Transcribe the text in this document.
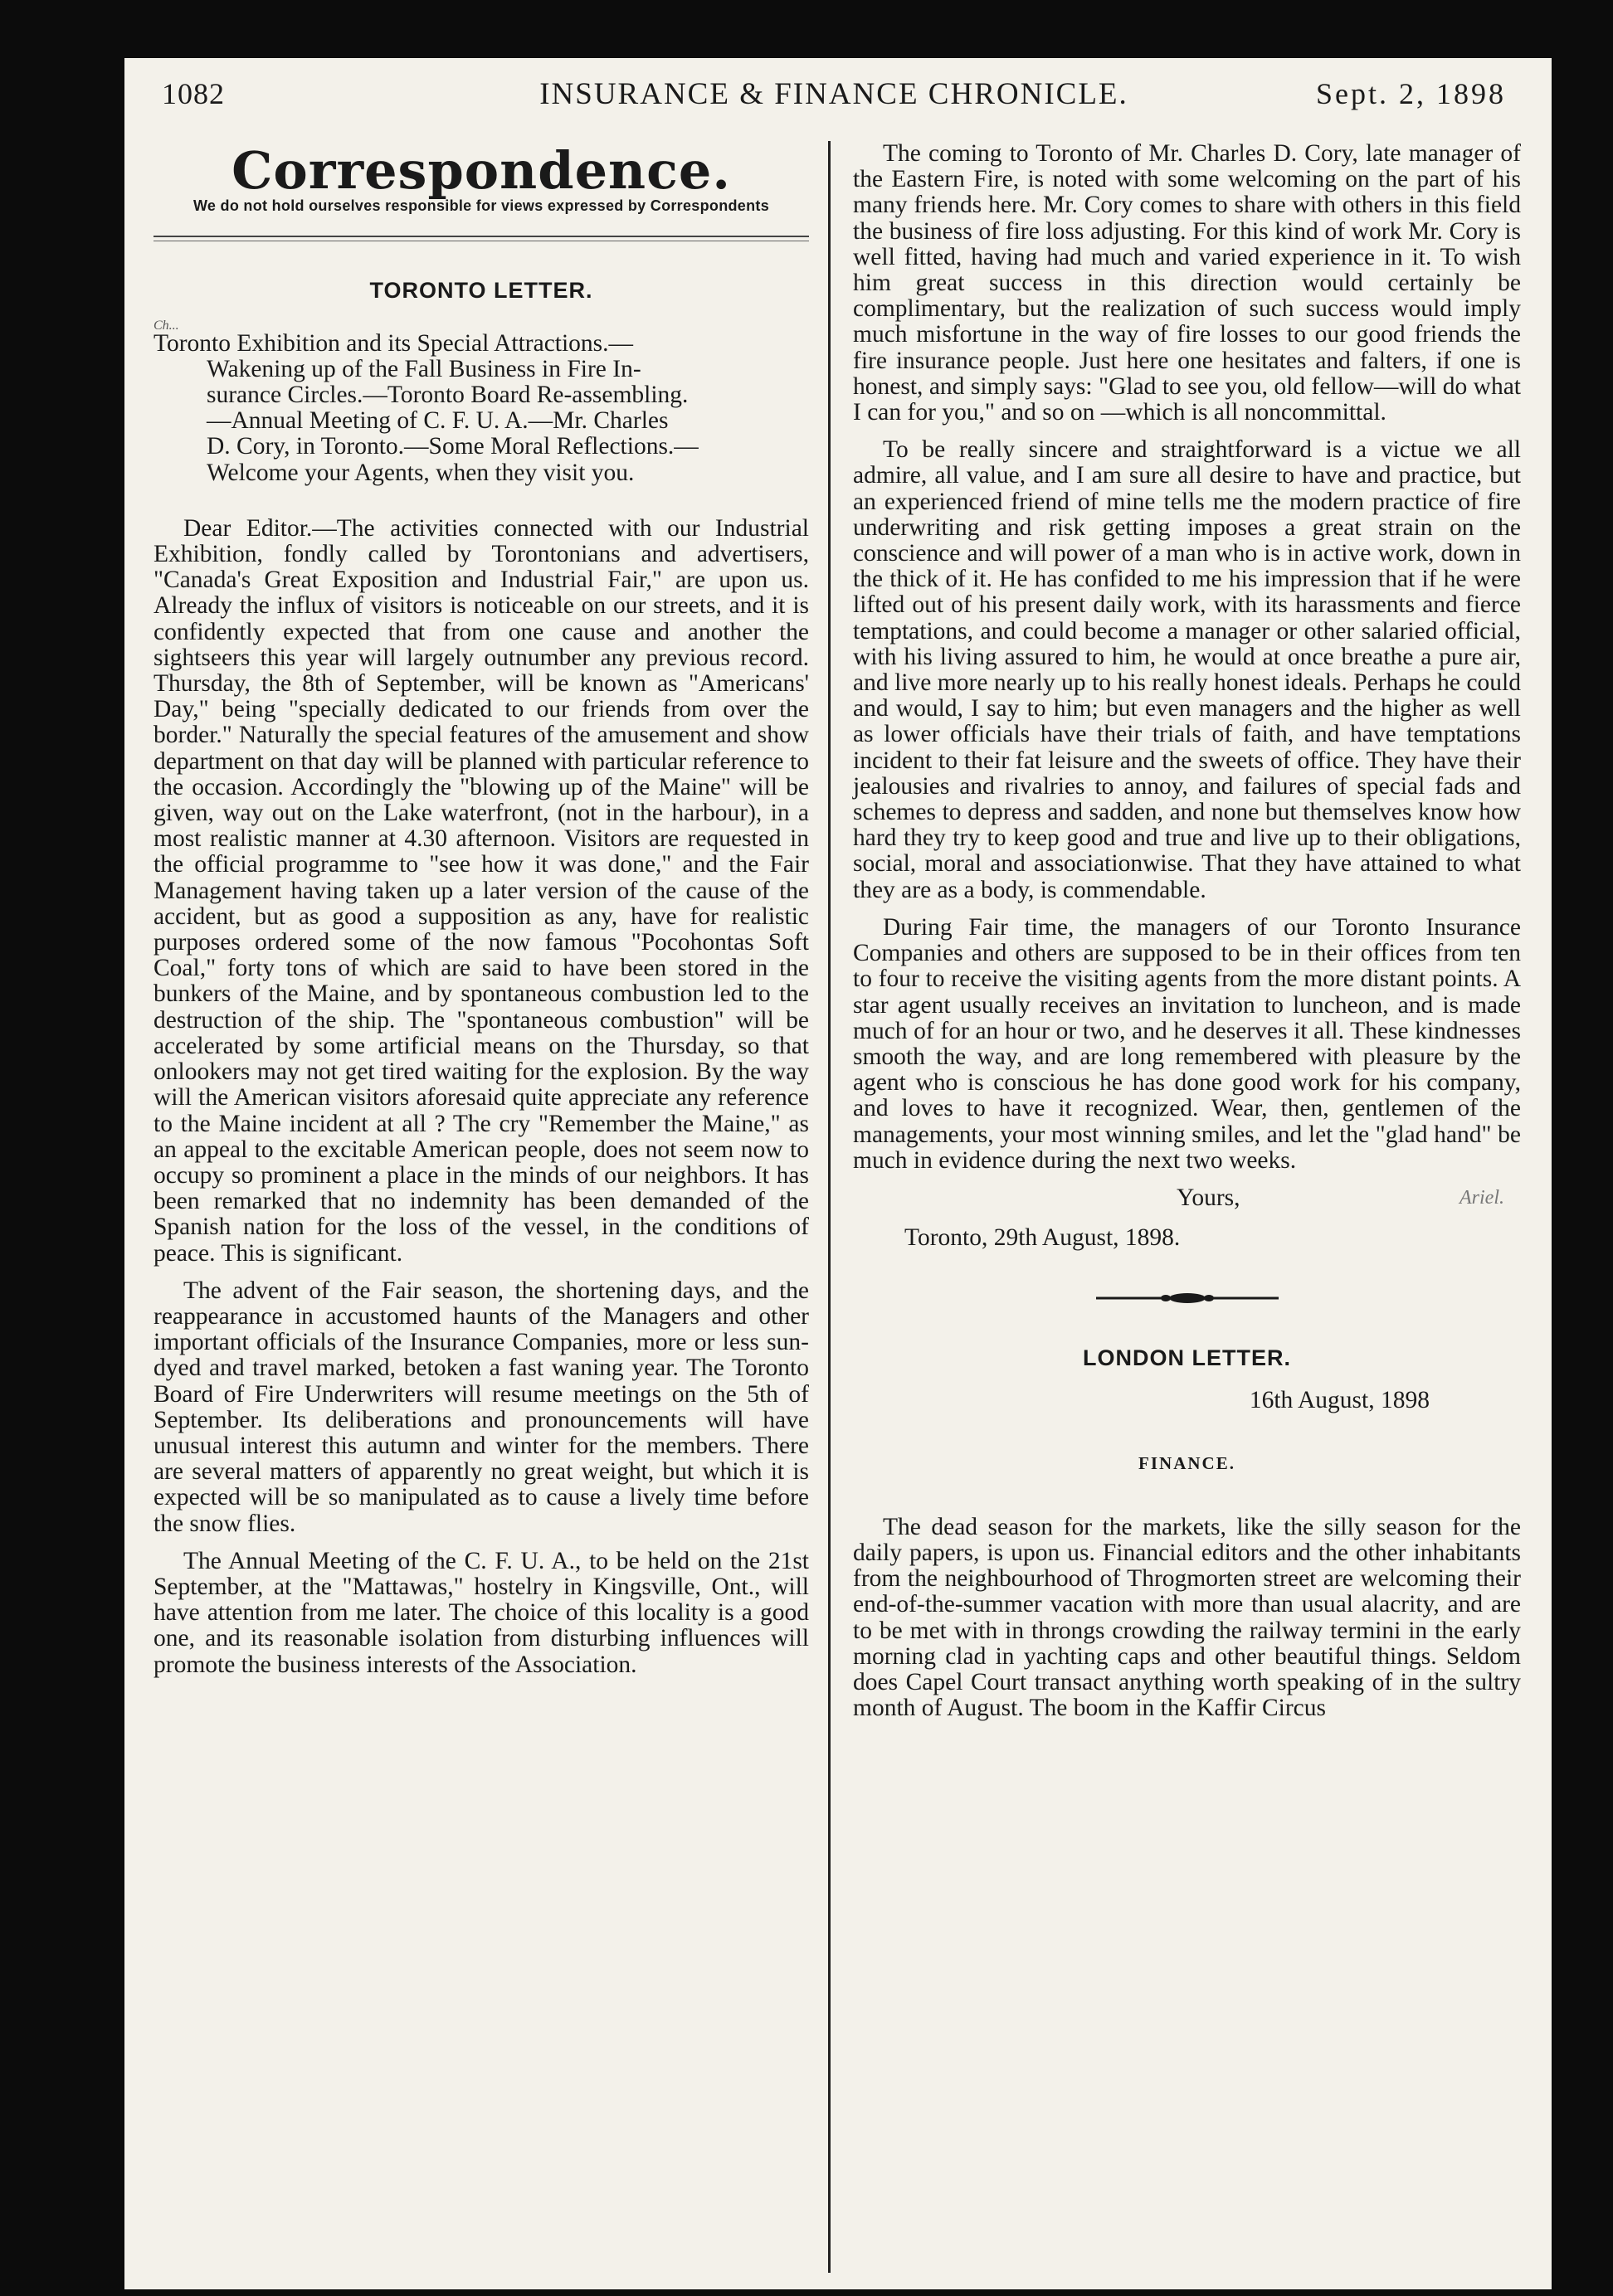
1082	INSURANCE & FINANCE CHRONICLE.	Sept. 2, 1898
Correspondence.
We do not hold ourselves responsible for views expressed by Correspondents
TORONTO LETTER.
Ch...
Toronto Exhibition and its Special Attractions.—
Wakening up of the Fall Business in Fire In-
surance Circles.—Toronto Board Re-assembling.
—Annual Meeting of C. F. U. A.—Mr. Charles
D. Cory, in Toronto.—Some Moral Reflections.—
Welcome your Agents, when they visit you.

Dear Editor.—The activities connected with our Industrial Exhibition, fondly called by Torontonians and advertisers, "Canada's Great Exposition and Industrial Fair," are upon us. Already the influx of visitors is noticeable on our streets, and it is confidently expected that from one cause and another the sightseers this year will largely outnumber any previous record. Thursday, the 8th of September, will be known as "Americans' Day," being "specially dedicated to our friends from over the border." Naturally the special features of the amusement and show department on that day will be planned with particular reference to the occasion. Accordingly the "blowing up of the Maine" will be given, way out on the Lake waterfront, (not in the harbour), in a most realistic manner at 4.30 afternoon. Visitors are requested in the official programme to "see how it was done," and the Fair Management having taken up a later version of the cause of the accident, but as good a supposition as any, have for realistic purposes ordered some of the now famous "Pocohontas Soft Coal," forty tons of which are said to have been stored in the bunkers of the Maine, and by spontaneous combustion led to the destruction of the ship. The "spontaneous combustion" will be accelerated by some artificial means on the Thursday, so that onlookers may not get tired waiting for the explosion. By the way will the American visitors aforesaid quite appreciate any reference to the Maine incident at all ? The cry "Remember the Maine," as an appeal to the excitable American people, does not seem now to occupy so prominent a place in the minds of our neighbors. It has been remarked that no indemnity has been demanded of the Spanish nation for the loss of the vessel, in the conditions of peace. This is significant.

The advent of the Fair season, the shortening days, and the reappearance in accustomed haunts of the Managers and other important officials of the Insurance Companies, more or less sun-dyed and travel marked, betoken a fast waning year. The Toronto Board of Fire Underwriters will resume meetings on the 5th of September. Its deliberations and pronouncements will have unusual interest this autumn and winter for the members. There are several matters of apparently no great weight, but which it is expected will be so manipulated as to cause a lively time before the snow flies.

The Annual Meeting of the C. F. U. A., to be held on the 21st September, at the "Mattawas," hostelry in Kingsville, Ont., will have attention from me later. The choice of this locality is a good one, and its reasonable isolation from disturbing influences will promote the business interests of the Association.

The coming to Toronto of Mr. Charles D. Cory, late manager of the Eastern Fire, is noted with some welcoming on the part of his many friends here. Mr. Cory comes to share with others in this field the business of fire loss adjusting. For this kind of work Mr. Cory is well fitted, having had much and varied experience in it. To wish him great success in this direction would certainly be complimentary, but the realization of such success would imply much misfortune in the way of fire losses to our good friends the fire insurance people. Just here one hesitates and falters, if one is honest, and simply says: "Glad to see you, old fellow—will do what I can for you," and so on —which is all noncommittal.

To be really sincere and straightforward is a victue we all admire, all value, and I am sure all desire to have and practice, but an experienced friend of mine tells me the modern practice of fire underwriting and risk getting imposes a great strain on the conscience and will power of a man who is in active work, down in the thick of it. He has confided to me his impression that if he were lifted out of his present daily work, with its harassments and fierce temptations, and could become a manager or other salaried official, with his living assured to him, he would at once breathe a pure air, and live more nearly up to his really honest ideals. Perhaps he could and would, I say to him; but even managers and the higher as well as lower officials have their trials of faith, and have temptations incident to their fat leisure and the sweets of office. They have their jealousies and rivalries to annoy, and failures of special fads and schemes to depress and sadden, and none but themselves know how hard they try to keep good and true and live up to their obligations, social, moral and associationwise. That they have attained to what they are as a body, is commendable.

During Fair time, the managers of our Toronto Insurance Companies and others are supposed to be in their offices from ten to four to receive the visiting agents from the more distant points. A star agent usually receives an invitation to luncheon, and is made much of for an hour or two, and he deserves it all. These kindnesses smooth the way, and are long remembered with pleasure by the agent who is conscious he has done good work for his company, and loves to have it recognized. Wear, then, gentlemen of the managements, your most winning smiles, and let the "glad hand" be much in evidence during the next two weeks.

Yours,	Ariel.
Toronto, 29th August, 1898.
LONDON LETTER.
16th August, 1898
FINANCE.

The dead season for the markets, like the silly season for the daily papers, is upon us. Financial editors and the other inhabitants from the neighbourhood of Throgmorten street are welcoming their end-of-the-summer vacation with more than usual alacrity, and are to be met with in throngs crowding the railway termini in the early morning clad in yachting caps and other beautiful things. Seldom does Capel Court transact anything worth speaking of in the sultry month of August. The boom in the Kaffir Circus
